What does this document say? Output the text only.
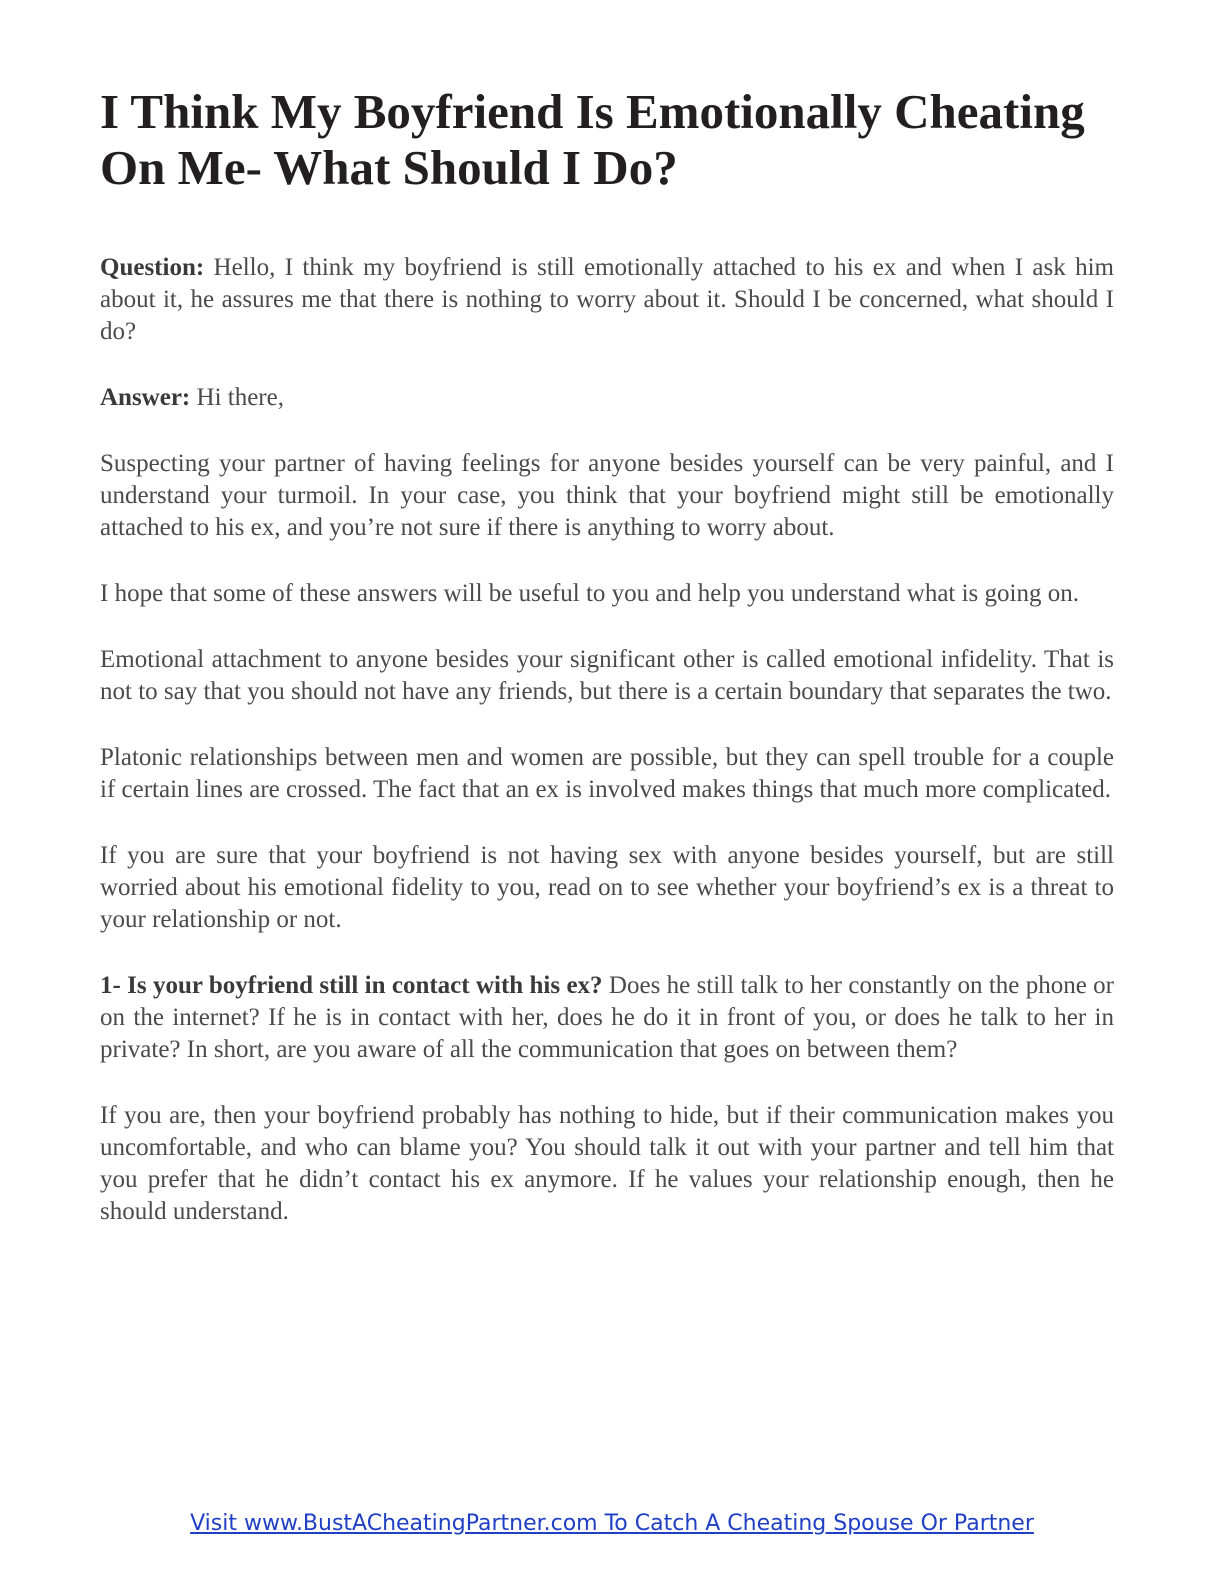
I Think My Boyfriend Is Emotionally Cheating On Me- What Should I Do?

Question: Hello, I think my boyfriend is still emotionally attached to his ex and when I ask him about it, he assures me that there is nothing to worry about it. Should I be concerned, what should I do?

Answer: Hi there,

Suspecting your partner of having feelings for anyone besides yourself can be very painful, and I understand your turmoil. In your case, you think that your boyfriend might still be emotionally attached to his ex, and you’re not sure if there is anything to worry about.

I hope that some of these answers will be useful to you and help you understand what is going on.

Emotional attachment to anyone besides your significant other is called emotional infidelity. That is not to say that you should not have any friends, but there is a certain boundary that separates the two.

Platonic relationships between men and women are possible, but they can spell trouble for a couple if certain lines are crossed. The fact that an ex is involved makes things that much more complicated.

If you are sure that your boyfriend is not having sex with anyone besides yourself, but are still worried about his emotional fidelity to you, read on to see whether your boyfriend’s ex is a threat to your relationship or not.

1- Is your boyfriend still in contact with his ex? Does he still talk to her constantly on the phone or on the internet? If he is in contact with her, does he do it in front of you, or does he talk to her in private? In short, are you aware of all the communication that goes on between them?

If you are, then your boyfriend probably has nothing to hide, but if their communication makes you uncomfortable, and who can blame you? You should talk it out with your partner and tell him that you prefer that he didn’t contact his ex anymore. If he values your relationship enough, then he should understand.

Visit www.BustACheatingPartner.com To Catch A Cheating Spouse Or Partner
